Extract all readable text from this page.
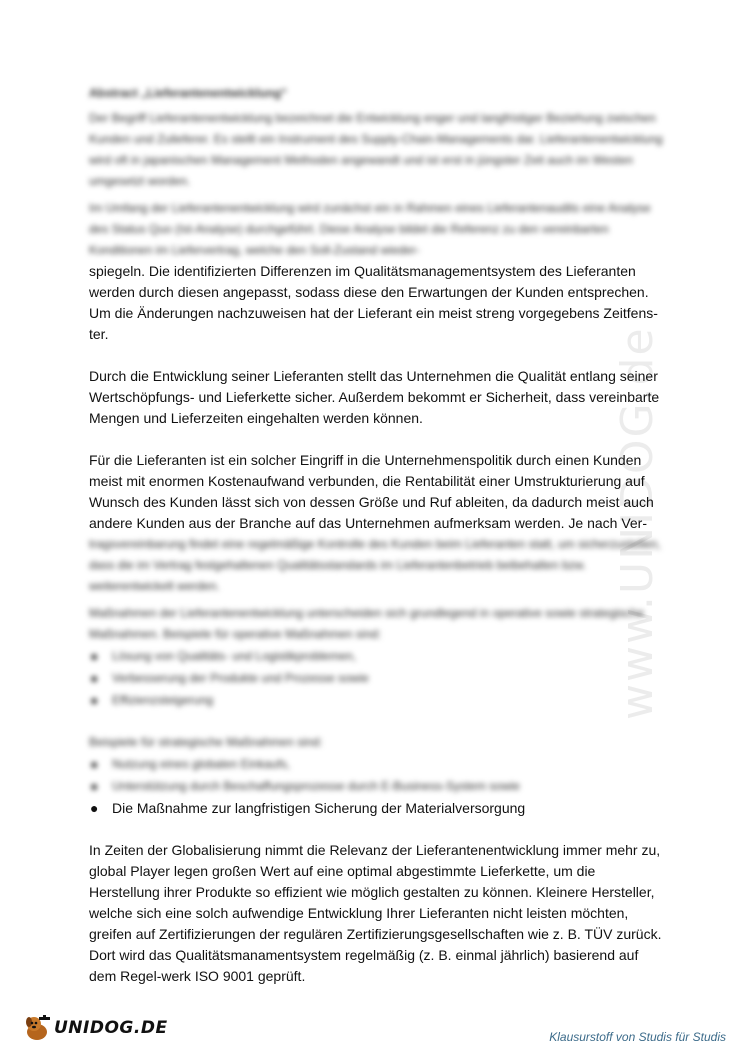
www.UNIDOG.de
Abstract „Lieferantenentwicklung“

Der Begriff Lieferantenentwicklung bezeichnet die Entwicklung enger und langfristiger Beziehung zwischen Kunden und Zulieferer. Es stellt ein Instrument des Supply-Chain-Managements dar. Lieferantenentwicklung wird oft in japanischen Management Methoden angewandt und ist erst in jüngster Zeit auch im Westen umgesetzt worden.

Im Umfang der Lieferantenentwicklung wird zunächst ein in Rahmen eines Lieferantenaudits eine Analyse des Status Quo (Ist-Analyse) durchgeführt. Diese Analyse bildet die Referenz zu den vereinbarten Konditionen im Liefervertrag, welche den Soll-Zustand wieder-

spiegeln. Die identifizierten Differenzen im Qualitätsmanagementsystem des Lieferanten werden durch diesen angepasst, sodass diese den Erwartungen der Kunden entsprechen. Um die Änderungen nachzuweisen hat der Lieferant ein meist streng vorgegebens Zeitfens-ter.

Durch die Entwicklung seiner Lieferanten stellt das Unternehmen die Qualität entlang seiner Wertschöpfungs- und Lieferkette sicher. Außerdem bekommt er Sicherheit, dass vereinbarte Mengen und Lieferzeiten eingehalten werden können.

Für die Lieferanten ist ein solcher Eingriff in die Unternehmenspolitik durch einen Kunden meist mit enormen Kostenaufwand verbunden, die Rentabilität einer Umstrukturierung auf Wunsch des Kunden lässt sich von dessen Größe und Ruf ableiten, da dadurch meist auch andere Kunden aus der Branche auf das Unternehmen aufmerksam werden. Je nach Ver-

tragsvereinbarung findet eine regelmäßige Kontrolle des Kunden beim Lieferanten statt, um sicherzustellen, dass die im Vertrag festgehaltenen Qualitätsstandards im Lieferantenbetrieb beibehalten bzw. weiterentwickelt werden.

Maßnahmen der Lieferantenentwicklung unterscheiden sich grundlegend in operative sowie strategische Maßnahmen. Beispiele für operative Maßnahmen sind:

● Lösung von Qualitäts- und Logistikproblemen,
● Verbesserung der Produkte und Prozesse sowie
● Effizienzsteigerung

Beispiele für strategische Maßnahmen sind:

● Nutzung eines globalen Einkaufs,
● Unterstützung durch Beschaffungsprozesse durch E-Business-System sowie
● Die Maßnahme zur langfristigen Sicherung der Materialversorgung

In Zeiten der Globalisierung nimmt die Relevanz der Lieferantenentwicklung immer mehr zu, global Player legen großen Wert auf eine optimal abgestimmte Lieferkette, um die Herstellung ihrer Produkte so effizient wie möglich gestalten zu können. Kleinere Hersteller, welche sich eine solch aufwendige Entwicklung Ihrer Lieferanten nicht leisten möchten, greifen auf Zertifizierungen der regulären Zertifizierungsgesellschaften wie z. B. TÜV zurück. Dort wird das Qualitätsmanamentsystem regelmäßig (z. B. einmal jährlich) basierend auf dem Regel-werk ISO 9001 geprüft.

UNIDOG.DE	Klausurstoff von Studis für Studis
